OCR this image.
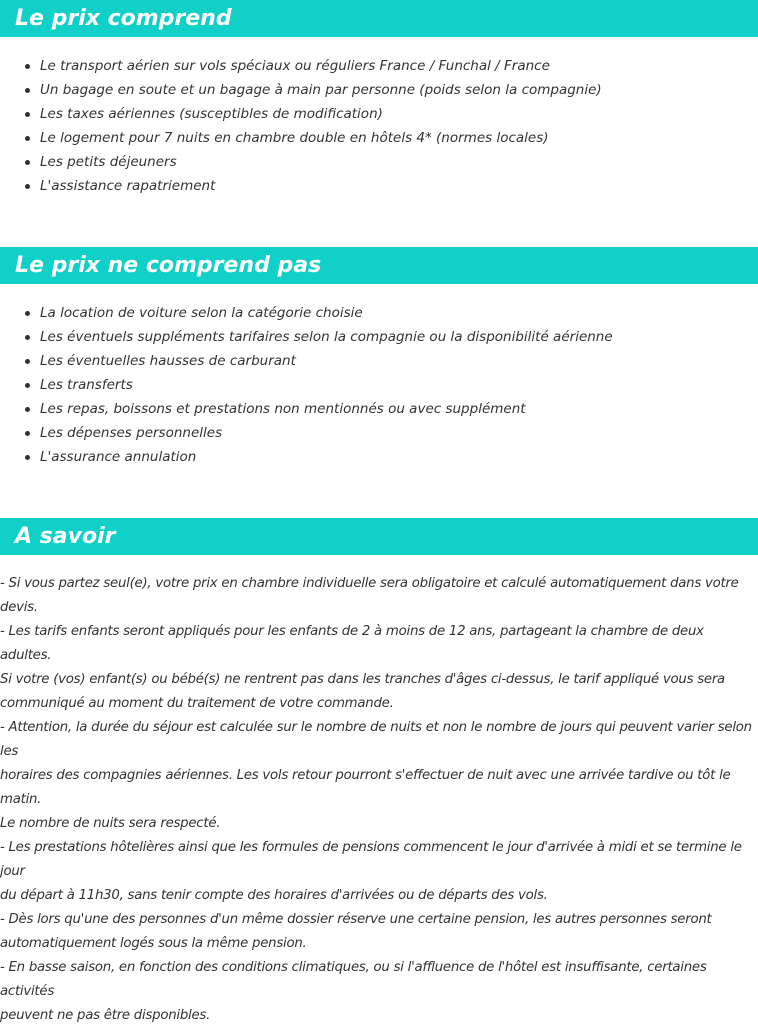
Le prix comprend
Le transport aérien sur vols spéciaux ou réguliers France / Funchal / France
Un bagage en soute et un bagage à main par personne (poids selon la compagnie)
Les taxes aériennes (susceptibles de modification)
Le logement pour 7 nuits en chambre double en hôtels 4* (normes locales)
Les petits déjeuners
L'assistance rapatriement
Le prix ne comprend pas
La location de voiture selon la catégorie choisie
Les éventuels suppléments tarifaires selon la compagnie ou la disponibilité aérienne
Les éventuelles hausses de carburant
Les transferts
Les repas, boissons et prestations non mentionnés ou avec supplément
Les dépenses personnelles
L'assurance annulation
A savoir

- Si vous partez seul(e), votre prix en chambre individuelle sera obligatoire et calculé automatiquement dans votre devis.

- Les tarifs enfants seront appliqués pour les enfants de 2 à moins de 12 ans, partageant la chambre de deux adultes.

Si votre (vos) enfant(s) ou bébé(s) ne rentrent pas dans les tranches d'âges ci-dessus, le tarif appliqué vous sera

communiqué au moment du traitement de votre commande.

- Attention, la durée du séjour est calculée sur le nombre de nuits et non le nombre de jours qui peuvent varier selon les

horaires des compagnies aériennes. Les vols retour pourront s'effectuer de nuit avec une arrivée tardive ou tôt le matin.

Le nombre de nuits sera respecté.

- Les prestations hôtelières ainsi que les formules de pensions commencent le jour d'arrivée à midi et se termine le jour

du départ à 11h30, sans tenir compte des horaires d'arrivées ou de départs des vols.

- Dès lors qu'une des personnes d'un même dossier réserve une certaine pension, les autres personnes seront

automatiquement logés sous la même pension.

- En basse saison, en fonction des conditions climatiques, ou si l'affluence de l'hôtel est insuffisante, certaines activités

peuvent ne pas être disponibles.
